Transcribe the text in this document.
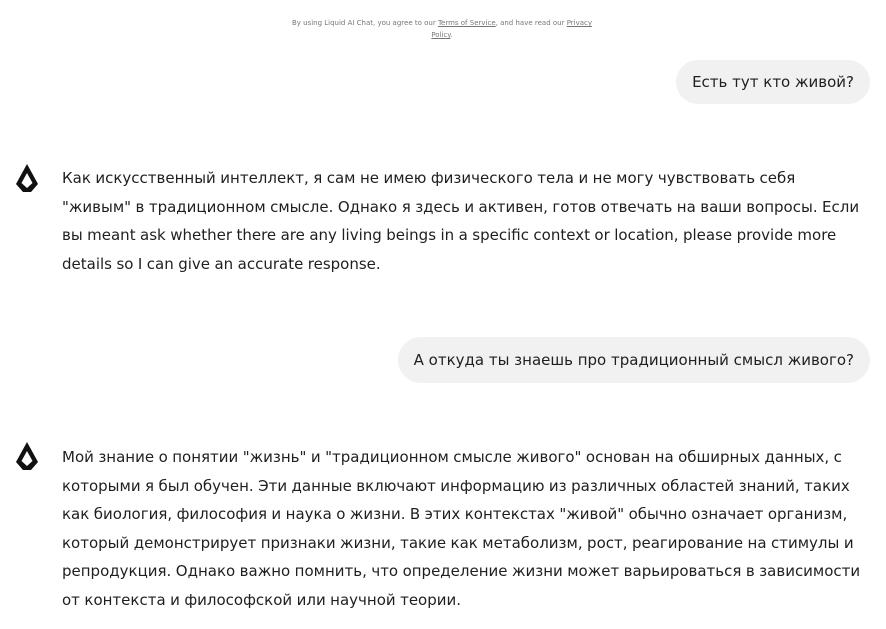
By using Liquid AI Chat, you agree to our Terms of Service, and have read our Privacy Policy.
Есть тут кто живой?
Как искусственный интеллект, я сам не имею физического тела и не могу чувствовать себя "живым" в традиционном смысле. Однако я здесь и активен, готов отвечать на ваши вопросы. Если вы meant ask whether there are any living beings in a specific context or location, please provide more details so I can give an accurate response.
А откуда ты знаешь про традиционный смысл живого?
Мой знание о понятии "жизнь" и "традиционном смысле живого" основан на обширных данных, с которыми я был обучен. Эти данные включают информацию из различных областей знаний, таких как биология, философия и наука о жизни. В этих контекстах "живой" обычно означает организм, который демонстрирует признаки жизни, такие как метаболизм, рост, реагирование на стимулы и репродукция. Однако важно помнить, что определение жизни может варьироваться в зависимости от контекста и философской или научной теории.
